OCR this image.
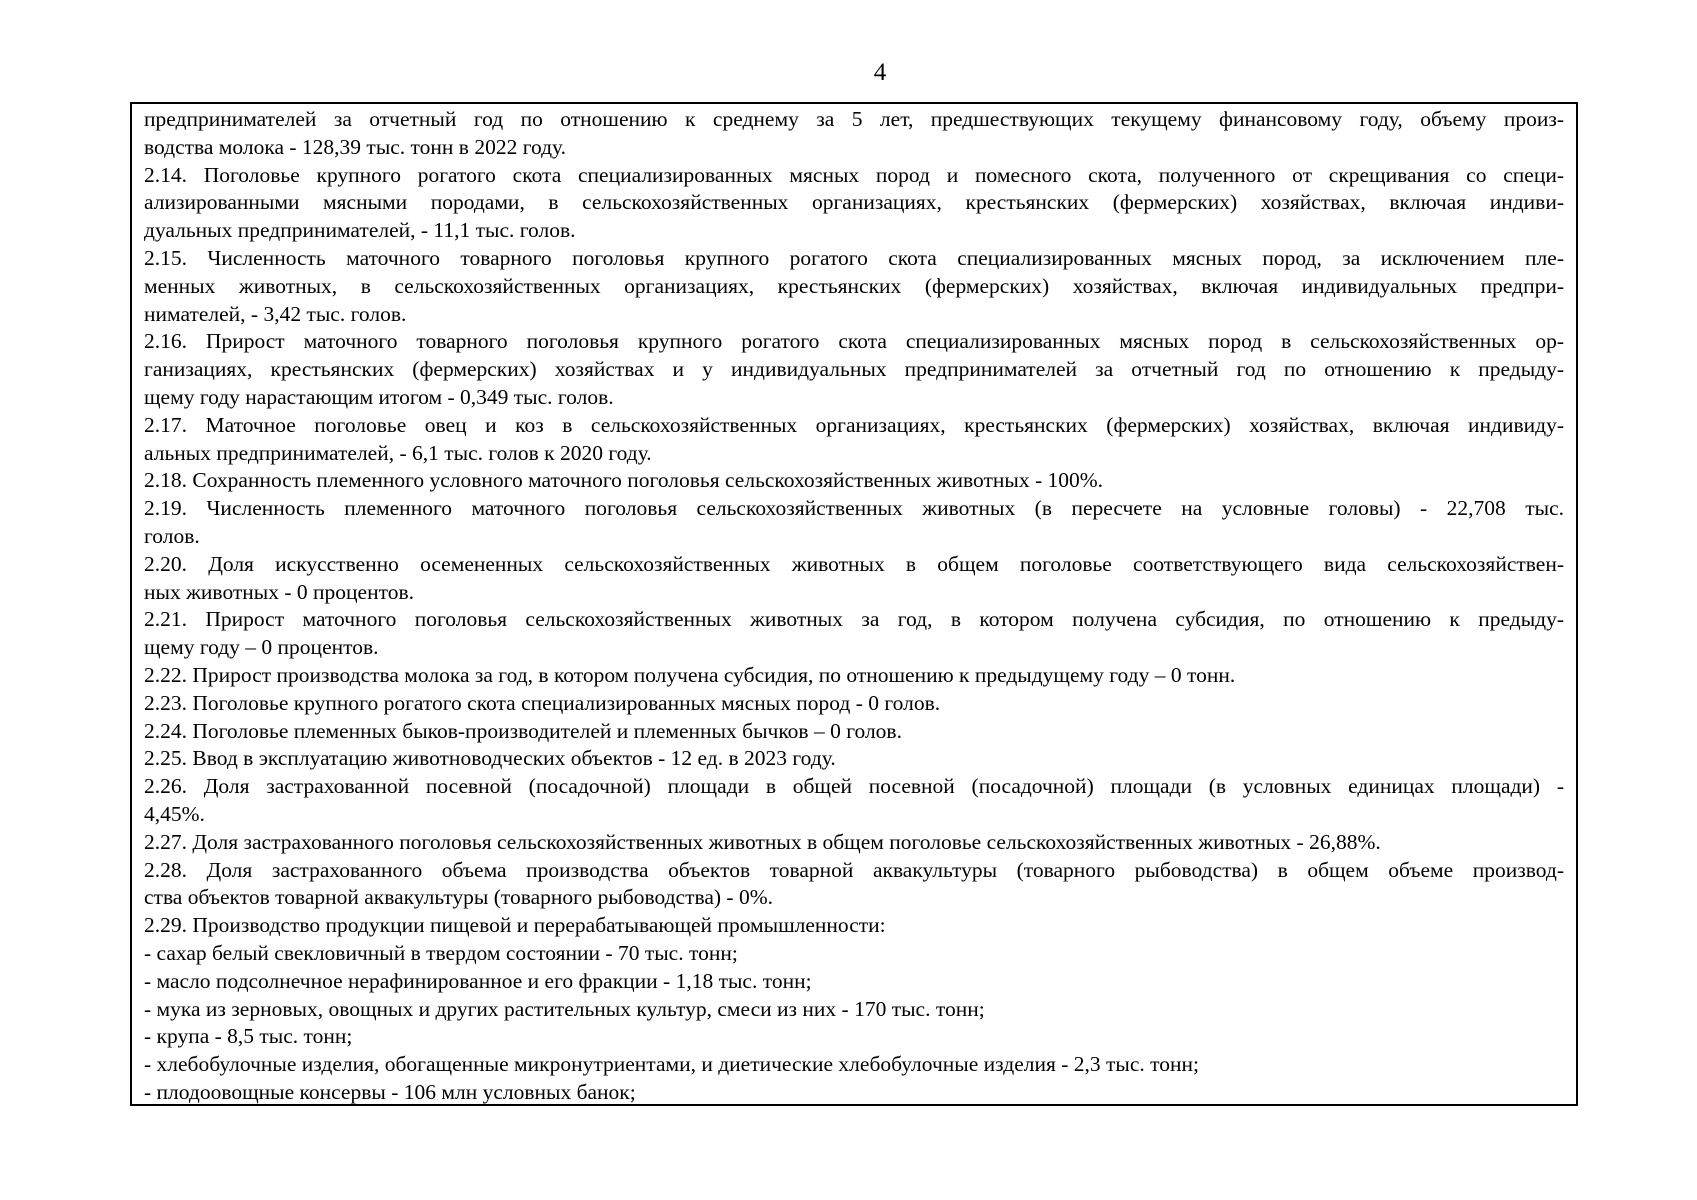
4
предпринимателей за отчетный год по отношению к среднему за 5 лет, предшествующих текущему финансовому году, объему произ-
водства молока - 128,39 тыс. тонн в 2022 году.
2.14. Поголовье крупного рогатого скота специализированных мясных пород и помесного скота, полученного от скрещивания со специ-
ализированными мясными породами, в сельскохозяйственных организациях, крестьянских (фермерских) хозяйствах, включая индиви-
дуальных предпринимателей, - 11,1 тыс. голов.
2.15. Численность маточного товарного поголовья крупного рогатого скота специализированных мясных пород, за исключением пле-
менных животных, в сельскохозяйственных организациях, крестьянских (фермерских) хозяйствах, включая индивидуальных предпри-
нимателей, - 3,42 тыс. голов.
2.16. Прирост маточного товарного поголовья крупного рогатого скота специализированных мясных пород в сельскохозяйственных ор-
ганизациях, крестьянских (фермерских) хозяйствах и у индивидуальных предпринимателей за отчетный год по отношению к предыду-
щему году нарастающим итогом - 0,349 тыс. голов.
2.17. Маточное поголовье овец и коз в сельскохозяйственных организациях, крестьянских (фермерских) хозяйствах, включая индивиду-
альных предпринимателей, - 6,1 тыс. голов к 2020 году.
2.18. Сохранность племенного условного маточного поголовья сельскохозяйственных животных - 100%.
2.19. Численность племенного маточного поголовья сельскохозяйственных животных (в пересчете на условные головы) - 22,708 тыс.
голов.
2.20. Доля искусственно осемененных сельскохозяйственных животных в общем поголовье соответствующего вида сельскохозяйствен-
ных животных - 0 процентов.
2.21. Прирост маточного поголовья сельскохозяйственных животных за год, в котором получена субсидия, по отношению к предыду-
щему году – 0 процентов.
2.22. Прирост производства молока за год, в котором получена субсидия, по отношению к предыдущему году – 0 тонн.
2.23. Поголовье крупного рогатого скота специализированных мясных пород - 0 голов.
2.24. Поголовье племенных быков-производителей и племенных бычков – 0 голов.
2.25. Ввод в эксплуатацию животноводческих объектов - 12 ед. в 2023 году.
2.26. Доля застрахованной посевной (посадочной) площади в общей посевной (посадочной) площади (в условных единицах площади) -
4,45%.
2.27. Доля застрахованного поголовья сельскохозяйственных животных в общем поголовье сельскохозяйственных животных - 26,88%.
2.28. Доля застрахованного объема производства объектов товарной аквакультуры (товарного рыбоводства) в общем объеме производ-
ства объектов товарной аквакультуры (товарного рыбоводства) - 0%.
2.29. Производство продукции пищевой и перерабатывающей промышленности:
- сахар белый свекловичный в твердом состоянии - 70 тыс. тонн;
- масло подсолнечное нерафинированное и его фракции - 1,18 тыс. тонн;
- мука из зерновых, овощных и других растительных культур, смеси из них - 170 тыс. тонн;
- крупа - 8,5 тыс. тонн;
- хлебобулочные изделия, обогащенные микронутриентами, и диетические хлебобулочные изделия - 2,3 тыс. тонн;
- плодоовощные консервы - 106 млн условных банок;
